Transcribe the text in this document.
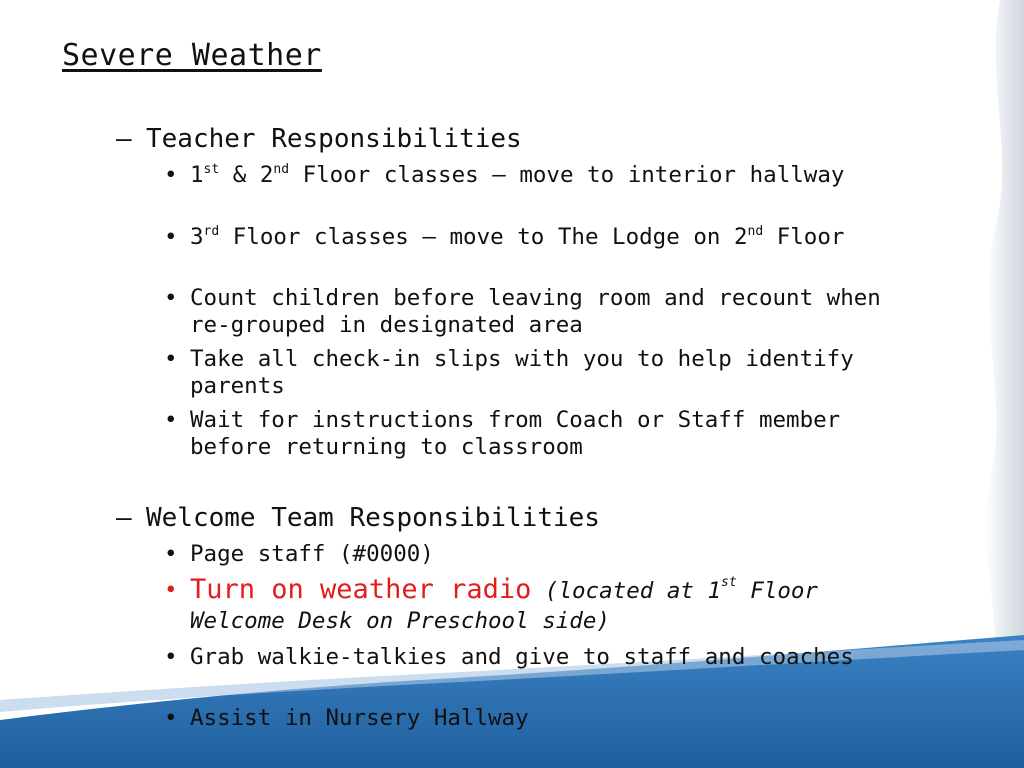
Severe Weather
– Teacher Responsibilities
• 1st & 2nd Floor classes – move to interior hallway
• 3rd Floor classes – move to The Lodge on 2nd Floor
• Count children before leaving room and recount when re-grouped in designated area
• Take all check-in slips with you to help identify parents
• Wait for instructions from Coach or Staff member before returning to classroom
– Welcome Team Responsibilities
• Page staff (#0000)
• Turn on weather radio (located at 1st Floor Welcome Desk on Preschool side)
• Grab walkie-talkies and give to staff and coaches
• Assist in Nursery Hallway
